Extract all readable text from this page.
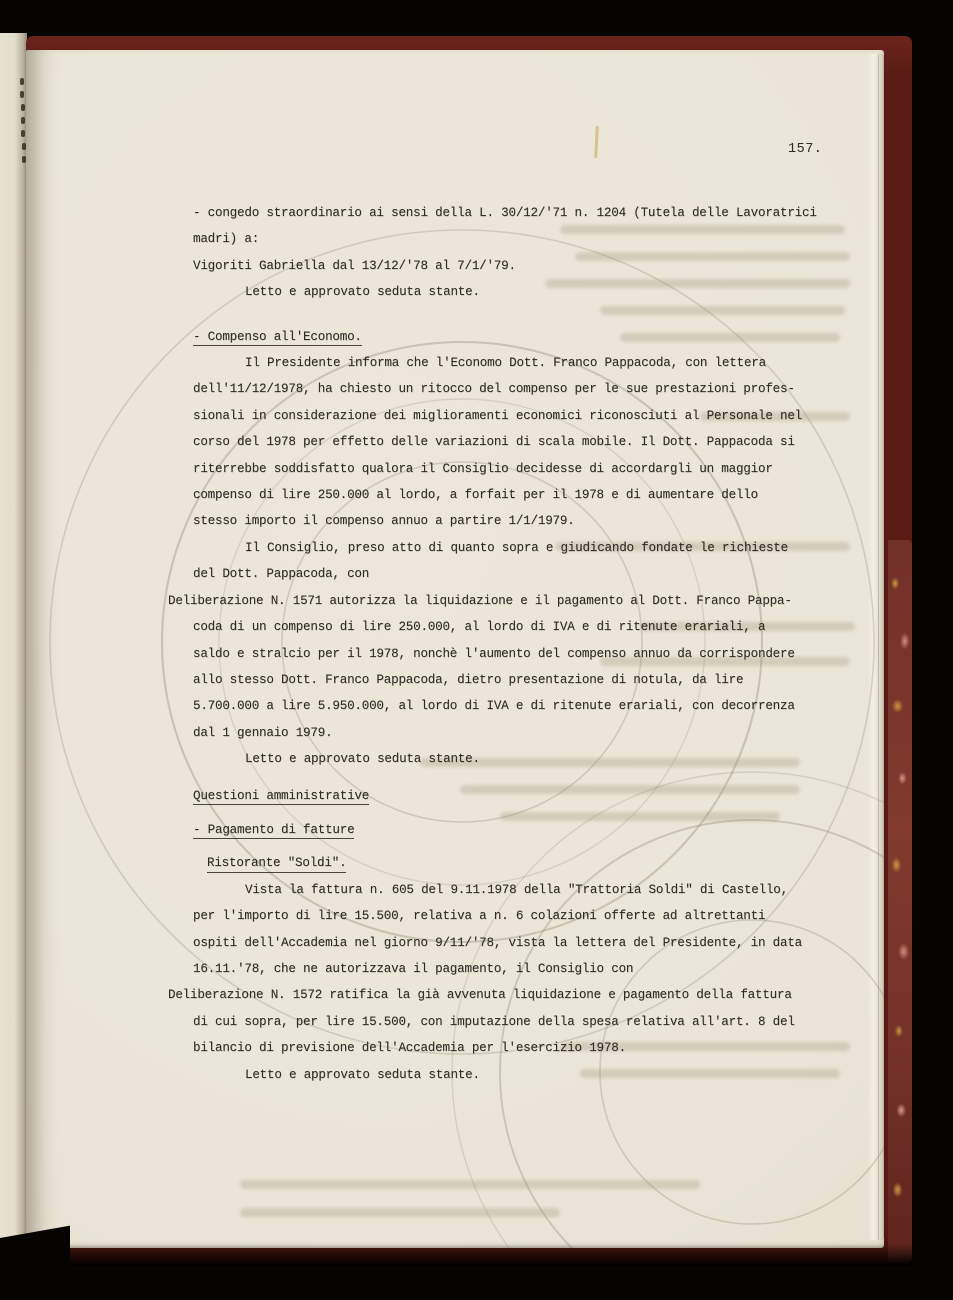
157.
- congedo straordinario ai sensi della L. 30/12/'71 n. 1204 (Tutela delle Lavoratrici
madri) a:
Vigoriti Gabriella dal 13/12/'78 al 7/1/'79.
Letto e approvato seduta stante.
- Compenso all'Economo.
Il Presidente informa che l'Economo Dott. Franco Pappacoda, con lettera
dell'11/12/1978, ha chiesto un ritocco del compenso per le sue prestazioni profes-
sionali in considerazione dei miglioramenti economici riconosciuti al Personale nel
corso del 1978 per effetto delle variazioni di scala mobile. Il Dott. Pappacoda si
riterrebbe soddisfatto qualora il Consiglio decidesse di accordargli un maggior
compenso di lire 250.000 al lordo, a forfait per il 1978 e di aumentare dello
stesso importo il compenso annuo a partire 1/1/1979.
Il Consiglio, preso atto di quanto sopra e giudicando fondate le richieste
del Dott. Pappacoda, con
Deliberazione N. 1571 autorizza la liquidazione e il pagamento al Dott. Franco Pappa-
coda di un compenso di lire 250.000, al lordo di IVA e di ritenute erariali, a
saldo e stralcio per il 1978, nonchè l'aumento del compenso annuo da corrispondere
allo stesso Dott. Franco Pappacoda, dietro presentazione di notula, da lire
5.700.000 a lire 5.950.000, al lordo di IVA e di ritenute erariali, con decorrenza
dal 1 gennaio 1979.
Letto e approvato seduta stante.
Questioni amministrative
- Pagamento di fatture
Ristorante "Soldi".
Vista la fattura n. 605 del 9.11.1978 della "Trattoria Soldi" di Castello,
per l'importo di lire 15.500, relativa a n. 6 colazioni offerte ad altrettanti
ospiti dell'Accademia nel giorno 9/11/'78, vista la lettera del Presidente, in data
16.11.'78, che ne autorizzava il pagamento, il Consiglio con
Deliberazione N. 1572 ratifica la già avvenuta liquidazione e pagamento della fattura
di cui sopra, per lire 15.500, con imputazione della spesa relativa all'art. 8 del
bilancio di previsione dell'Accademia per l'esercizio 1978.
Letto e approvato seduta stante.
